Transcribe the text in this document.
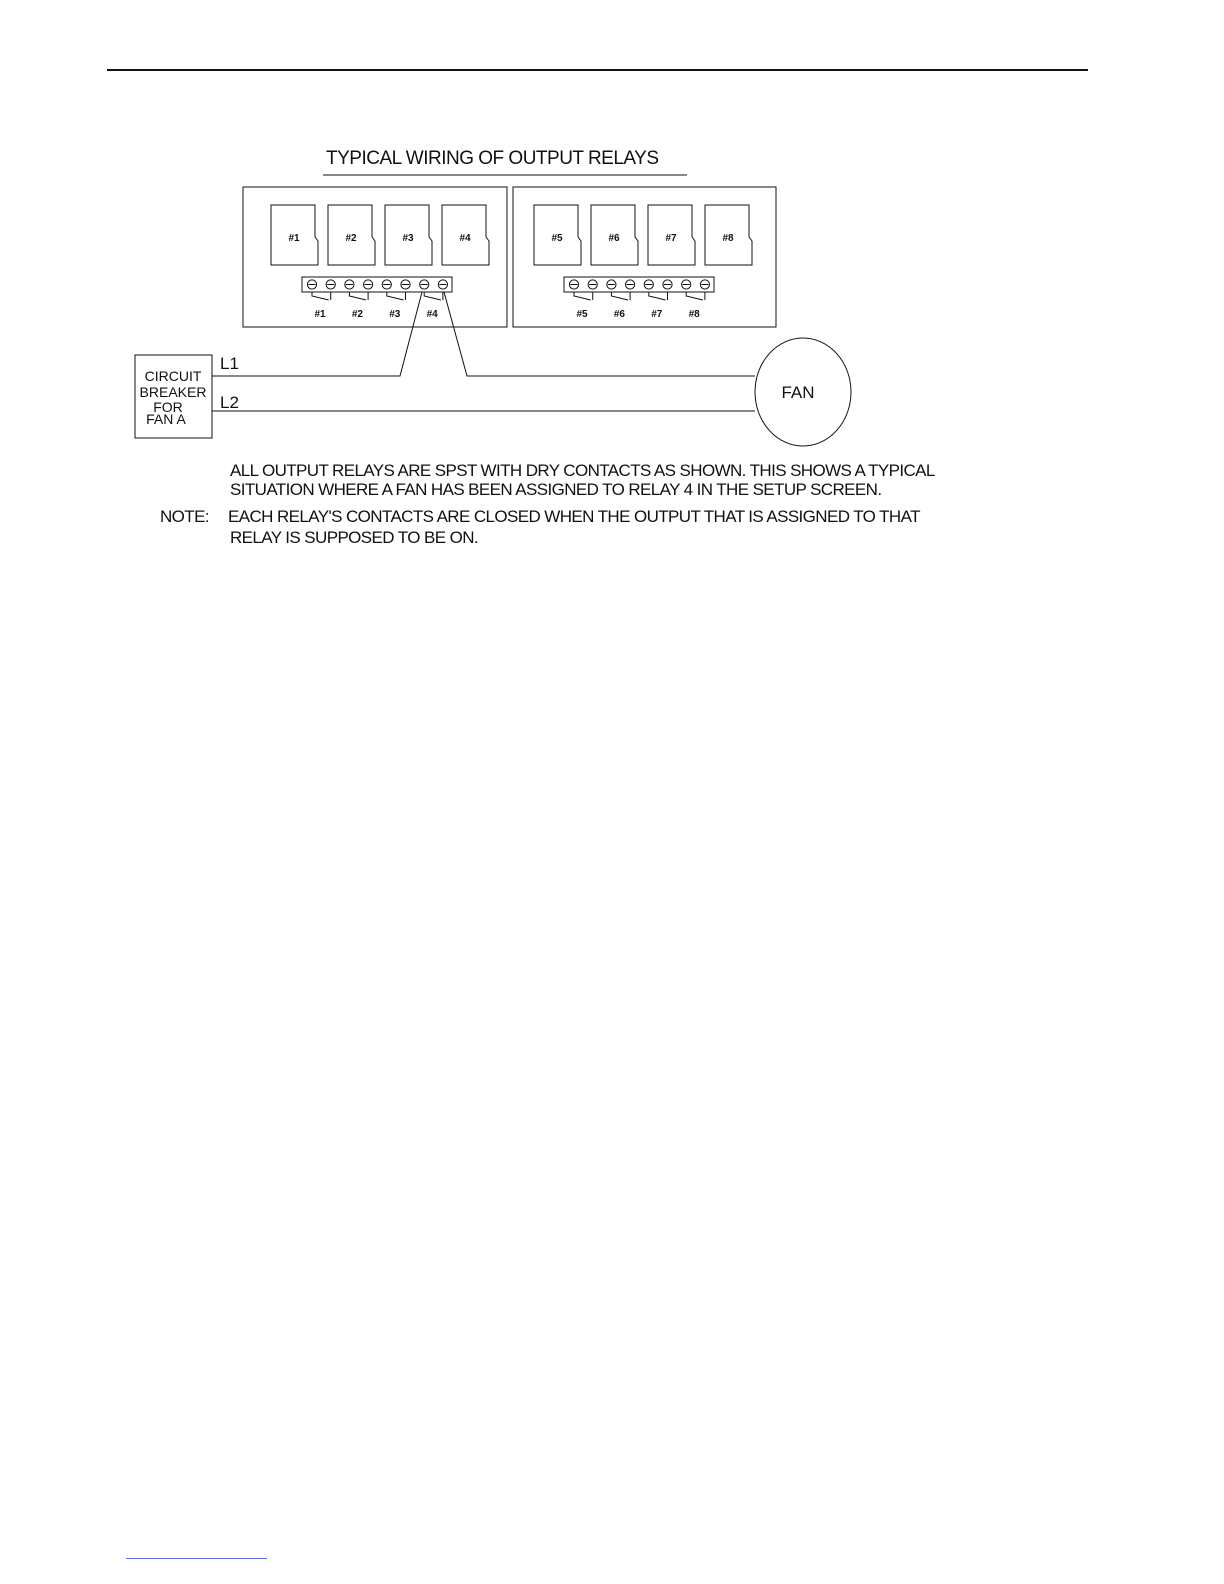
TYPICAL WIRING OF OUTPUT RELAYS
#1	#2	#3	#4	#5	#6	#7	#8
#1	#2	#3	#4	#5	#6	#7	#8
CIRCUIT
BREAKER
FOR
FAN A
L1
L2
FAN
ALL OUTPUT RELAYS ARE SPST WITH DRY CONTACTS AS SHOWN. THIS SHOWS A TYPICAL
SITUATION WHERE A FAN HAS BEEN ASSIGNED TO RELAY 4 IN THE SETUP SCREEN.
NOTE: EACH RELAY'S CONTACTS ARE CLOSED WHEN THE OUTPUT THAT IS ASSIGNED TO THAT
RELAY IS SUPPOSED TO BE ON.
